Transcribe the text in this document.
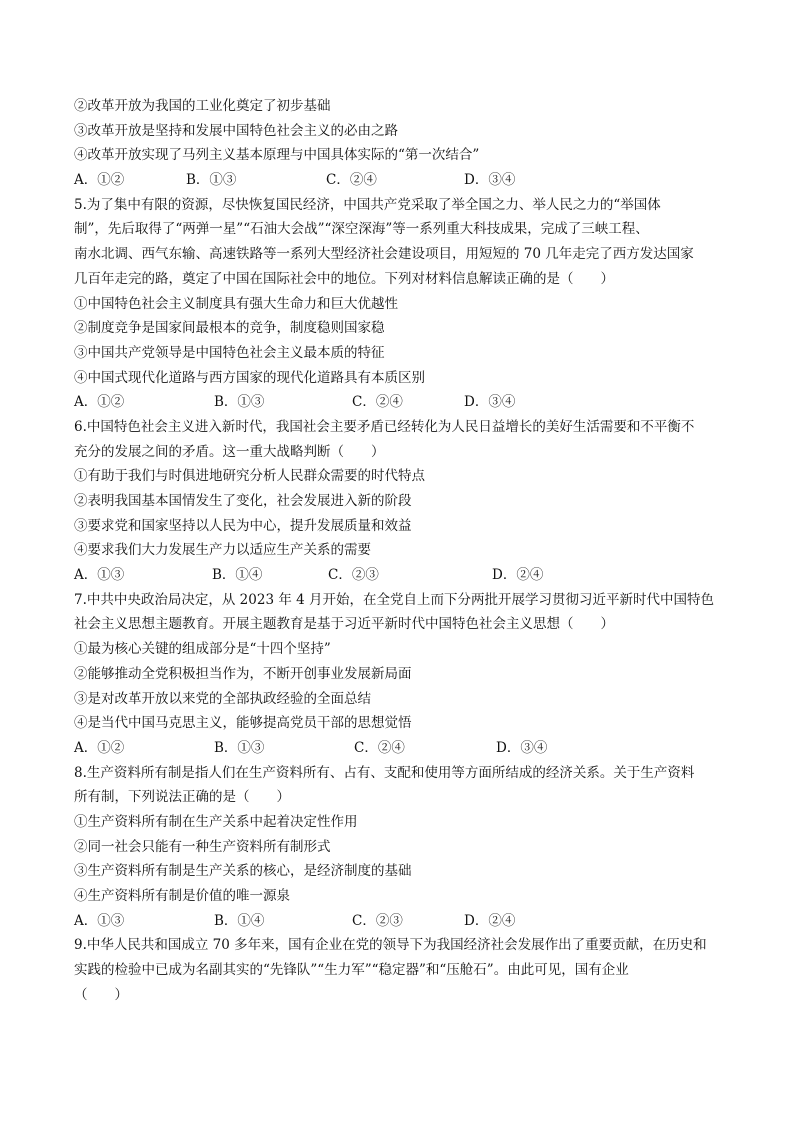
②改革开放为我国的工业化奠定了初步基础
③改革开放是坚持和发展中国特色社会主义的必由之路
④改革开放实现了马列主义基本原理与中国具体实际的“第一次结合”
A．①②	B．①③	C．②④	D．③④
5.为了集中有限的资源，尽快恢复国民经济，中国共产党采取了举全国之力、举人民之力的“举国体
制”，先后取得了“两弹一星”“石油大会战”“深空深海”等一系列重大科技成果，完成了三峡工程、
南水北调、西气东输、高速铁路等一系列大型经济社会建设项目，用短短的 70 几年走完了西方发达国家
几百年走完的路，奠定了中国在国际社会中的地位。下列对材料信息解读正确的是（　　）
①中国特色社会主义制度具有强大生命力和巨大优越性
②制度竞争是国家间最根本的竞争，制度稳则国家稳
③中国共产党领导是中国特色社会主义最本质的特征
④中国式现代化道路与西方国家的现代化道路具有本质区别
A．①②	B．①③	C．②④	D．③④
6.中国特色社会主义进入新时代，我国社会主要矛盾已经转化为人民日益增长的美好生活需要和不平衡不
充分的发展之间的矛盾。这一重大战略判断（　　）
①有助于我们与时俱进地研究分析人民群众需要的时代特点
②表明我国基本国情发生了变化，社会发展进入新的阶段
③要求党和国家坚持以人民为中心，提升发展质量和效益
④要求我们大力发展生产力以适应生产关系的需要
A．①③	B．①④	C．②③	D．②④
7.中共中央政治局决定，从 2023 年 4 月开始，在全党自上而下分两批开展学习贯彻习近平新时代中国特色
社会主义思想主题教育。开展主题教育是基于习近平新时代中国特色社会主义思想（　　）
①最为核心关键的组成部分是“十四个坚持”
②能够推动全党积极担当作为，不断开创事业发展新局面
③是对改革开放以来党的全部执政经验的全面总结
④是当代中国马克思主义，能够提高党员干部的思想觉悟
A．①②	B．①③	C．②④	D．③④
8.生产资料所有制是指人们在生产资料所有、占有、支配和使用等方面所结成的经济关系。关于生产资料
所有制，下列说法正确的是（　　）
①生产资料所有制在生产关系中起着决定性作用
②同一社会只能有一种生产资料所有制形式
③生产资料所有制是生产关系的核心，是经济制度的基础
④生产资料所有制是价值的唯一源泉
A．①③	B．①④	C．②③	D．②④
9.中华人民共和国成立 70 多年来，国有企业在党的领导下为我国经济社会发展作出了重要贡献，在历史和
实践的检验中已成为名副其实的“先锋队”“生力军”“稳定器”和“压舱石”。由此可见，国有企业
（　　）
